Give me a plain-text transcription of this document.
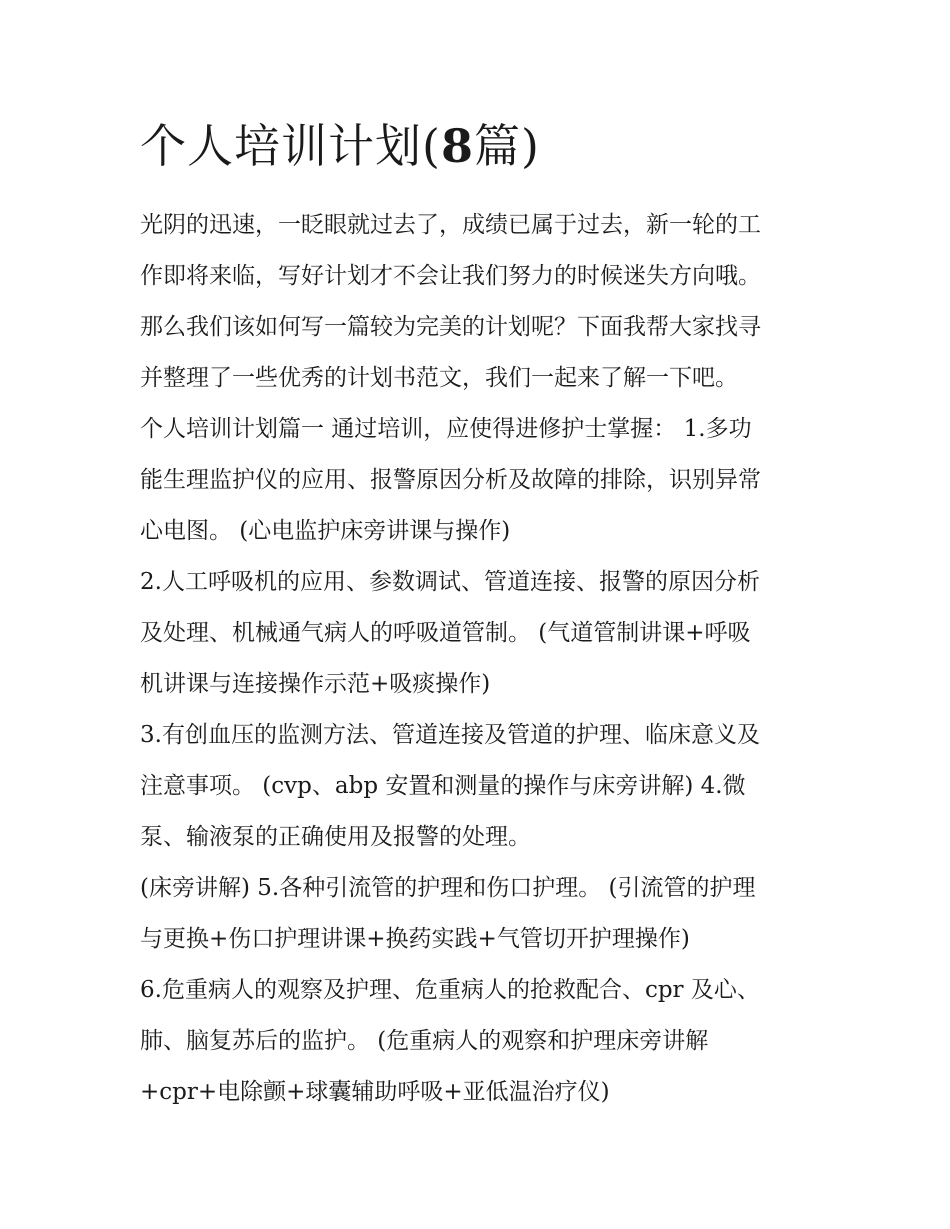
个人培训计划(8篇)
光阴的迅速，一眨眼就过去了，成绩已属于过去，新一轮的工
作即将来临，写好计划才不会让我们努力的时候迷失方向哦。
那么我们该如何写一篇较为完美的计划呢？下面我帮大家找寻
并整理了一些优秀的计划书范文，我们一起来了解一下吧。
个人培训计划篇一 通过培训，应使得进修护士掌握： 1.多功
能生理监护仪的应用、报警原因分析及故障的排除，识别异常
心电图。 (心电监护床旁讲课与操作)
2.人工呼吸机的应用、参数调试、管道连接、报警的原因分析
及处理、机械通气病人的呼吸道管制。 (气道管制讲课+呼吸
机讲课与连接操作示范+吸痰操作)
3.有创血压的监测方法、管道连接及管道的护理、临床意义及
注意事项。 (cvp、abp 安置和测量的操作与床旁讲解) 4.微
泵、输液泵的正确使用及报警的处理。
(床旁讲解) 5.各种引流管的护理和伤口护理。 (引流管的护理
与更换+伤口护理讲课+换药实践+气管切开护理操作)
6.危重病人的观察及护理、危重病人的抢救配合、cpr 及心、
肺、脑复苏后的监护。 (危重病人的观察和护理床旁讲解
+cpr+电除颤+球囊辅助呼吸+亚低温治疗仪)
